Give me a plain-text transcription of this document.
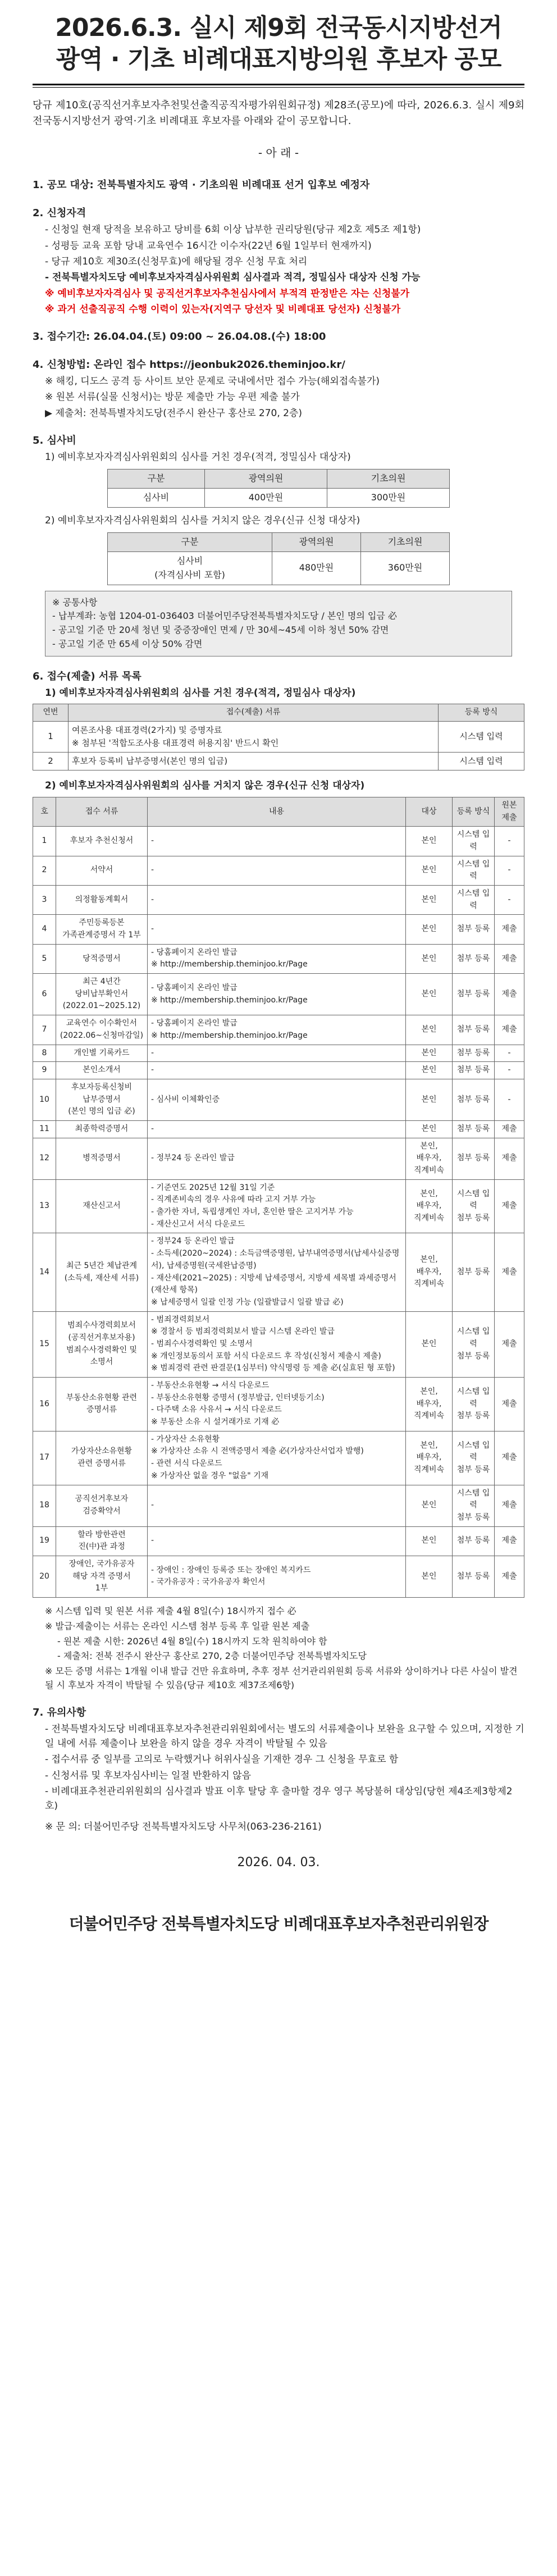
2026.6.3. 실시 제9회 전국동시지방선거
광역 · 기초 비례대표지방의원 후보자 공모
당규 제10호(공직선거후보자추천및선출직공직자평가위원회규정) 제28조(공모)에 따라, 2026.6.3. 실시 제9회 전국동시지방선거 광역·기초 비례대표 후보자를 아래와 같이 공모합니다.
- 아 래 -
1. 공모 대상: 전북특별자치도 광역 · 기초의원 비례대표 선거 입후보 예정자
2. 신청자격
- 신청일 현재 당적을 보유하고 당비를 6회 이상 납부한 권리당원(당규 제2호 제5조 제1항)
- 성평등 교육 포함 당내 교육연수 16시간 이수자(22년 6월 1일부터 현재까지)
- 당규 제10호 제30조(신청무효)에 해당될 경우 신청 무효 처리
- 전북특별자치도당 예비후보자자격심사위원회 심사결과 적격, 정밀심사 대상자 신청 가능
※ 예비후보자자격심사 및 공직선거후보자추천심사에서 부적격 판정받은 자는 신청불가
※ 과거 선출직공직 수행 이력이 있는자(지역구 당선자 및 비례대표 당선자) 신청불가
3. 접수기간: 26.04.04.(토) 09:00 ~ 26.04.08.(수) 18:00
4. 신청방법: 온라인 접수 https://jeonbuk2026.theminjoo.kr/
※ 해킹, 디도스 공격 등 사이트 보안 문제로 국내에서만 접수 가능(해외접속불가)
※ 원본 서류(실물 신청서)는 방문 제출만 가능 우편 제출 불가
▶ 제출처: 전북특별자치도당(전주시 완산구 홍산로 270, 2층)
5. 심사비
1) 예비후보자자격심사위원회의 심사를 거친 경우(적격, 정밀심사 대상자)
구분	광역의원	기초의원
심사비	400만원	300만원
2) 예비후보자자격심사위원회의 심사를 거치지 않은 경우(신규 신청 대상자)
구분	광역의원	기초의원
심사비
(자격심사비 포함)	480만원	360만원
※ 공통사항
- 납부계좌: 농협 1204-01-036403 더불어민주당전북특별자치도당 / 본인 명의 입금 必
- 공고일 기준 만 20세 청년 및 중증장애인 면제 / 만 30세~45세 이하 청년 50% 감면
- 공고일 기준 만 65세 이상 50% 감면
6. 접수(제출) 서류 목록
1) 예비후보자자격심사위원회의 심사를 거친 경우(적격, 정밀심사 대상자)
연번	접수(제출) 서류	등록 방식
1	여론조사용 대표경력(2가지) 및 증명자료
※ 첨부된 '적합도조사용 대표경력 허용지침' 반드시 확인	시스템 입력
2	후보자 등록비 납부증명서(본인 명의 입금)	시스템 입력
2) 예비후보자자격심사위원회의 심사를 거치지 않은 경우(신규 신청 대상자)
호	접수 서류	내용	대상	등록 방식	원본 제출
1	후보자 추천신청서	-	본인	시스템 입력	-
2	서약서	-	본인	시스템 입력	-
3	의정활동계획서	-	본인	시스템 입력	-
4	주민등록등본
가족관계증명서 각 1부	-	본인	첨부 등록	제출
5	당적증명서	- 당홈페이지 온라인 발급
※ http://membership.theminjoo.kr/Page	본인	첨부 등록	제출
6	최근 4년간
당비납부확인서
(2022.01~2025.12)	- 당홈페이지 온라인 발급
※ http://membership.theminjoo.kr/Page	본인	첨부 등록	제출
7	교육연수 이수확인서
(2022.06~신청마감일)	- 당홈페이지 온라인 발급
※ http://membership.theminjoo.kr/Page	본인	첨부 등록	제출
8	개인별 기록카드	-	본인	첨부 등록	-
9	본인소개서	-	본인	첨부 등록	-
10	후보자등록신청비
납부증명서
(본인 명의 입금 必)	- 심사비 이체확인증	본인	첨부 등록	-
11	최종학력증명서	-	본인	첨부 등록	제출
12	병적증명서	- 정부24 등 온라인 발급	본인,
배우자,
직계비속	첨부 등록	제출
13	재산신고서	- 기준연도 2025년 12월 31일 기준
- 직계존비속의 경우 사유에 따라 고지 거부 가능
- 출가한 자녀, 독립생계인 자녀, 혼인한 딸은 고지거부 가능
- 재산신고서 서식 다운로드	본인,
배우자,
직계비속	시스템 입력
첨부 등록	제출
14	최근 5년간 체납관계
(소득세, 재산세 서류)	- 정부24 등 온라인 발급
- 소득세(2020~2024) : 소득금액증명원, 납부내역증명서(납세사실증명서), 납세증명원(국세완납증명)
- 재산세(2021~2025) : 지방세 납세증명서, 지방세 세목별 과세증명서(재산세 항목)
※ 납세증명서 일괄 인정 가능 (일괄발급시 일괄 발급 必)	본인,
배우자,
직계비속	첨부 등록	제출
15	범죄수사경력회보서
(공직선거후보자용)
범죄수사경력확인 및
소명서	- 범죄경력회보서
※ 경찰서 등 범죄경력회보서 발급 시스템 온라인 발급
- 범죄수사경력확인 및 소명서
※ 개인정보동의서 포함 서식 다운로드 후 작성(신청서 제출시 제출)
※ 범죄경력 관련 판결문(1심부터) 약식명령 등 제출 必(실효된 형 포함)	본인	시스템 입력
첨부 등록	제출
16	부동산소유현황 관련
증명서류	- 부동산소유현황 → 서식 다운로드
- 부동산소유현황 증명서 (정부발급, 인터넷등기소)
- 다주택 소유 사유서 → 서식 다운로드
※ 부동산 소유 시 설거래가로 기재 必	본인,
배우자,
직계비속	시스템 입력
첨부 등록	제출
17	가상자산소유현황
관련 증명서류	- 가상자산 소유현황
※ 가상자산 소유 시 전액증명서 제출 必(가상자산서업자 발행)
- 관련 서식 다운로드
※ 가상자산 없을 경우 "없음" 기재	본인,
배우자,
직계비속	시스템 입력
첨부 등록	제출
18	공직선거후보자
검증확약서	-	본인	시스템 입력
첨부 등록	제출
19	할라 방한관련
진(中)관 과정	-	본인	첨부 등록	제출
20	장애인, 국가유공자
해당 자격 증명서
1부	- 장애인 : 장애인 등록증 또는 장애인 복지카드
- 국가유공자 : 국가유공자 확인서	본인	첨부 등록	제출
※ 시스템 입력 및 원본 서류 제출 4월 8일(수) 18시까지 접수 必
※ 발급·제출이는 서류는 온라인 시스템 첨부 등록 후 일괄 원본 제출
- 원본 제출 시한: 2026년 4월 8일(수) 18시까지 도착 원칙하여야 함
- 제출처: 전북 전주시 완산구 홍산로 270, 2층 더불어민주당 전북특별자치도당
※ 모든 증명 서류는 1개월 이내 발급 건만 유효하며, 추후 정부 선거관리위원회 등록 서류와 상이하거나 다른 사실이 발견될 시 후보자 자격이 박탈될 수 있음(당규 제10호 제37조제6항)
7. 유의사항
- 전북특별자치도당 비례대표후보자추천관리위원회에서는 별도의 서류제출이나 보완을 요구할 수 있으며, 지정한 기일 내에 서류 제출이나 보완을 하지 않을 경우 자격이 박탈될 수 있음
- 접수서류 중 일부를 고의로 누락했거나 허위사실을 기재한 경우 그 신청을 무효로 함
- 신청서류 및 후보자심사비는 일절 반환하지 않음
- 비례대표추천관리위원회의 심사결과 발표 이후 탈당 후 출마할 경우 영구 복당불허 대상임(당헌 제4조제3항제2호)
※ 문 의: 더불어민주당 전북특별자치도당 사무처(063-236-2161)
2026. 04. 03.
더불어민주당 전북특별자치도당 비례대표후보자추천관리위원장
